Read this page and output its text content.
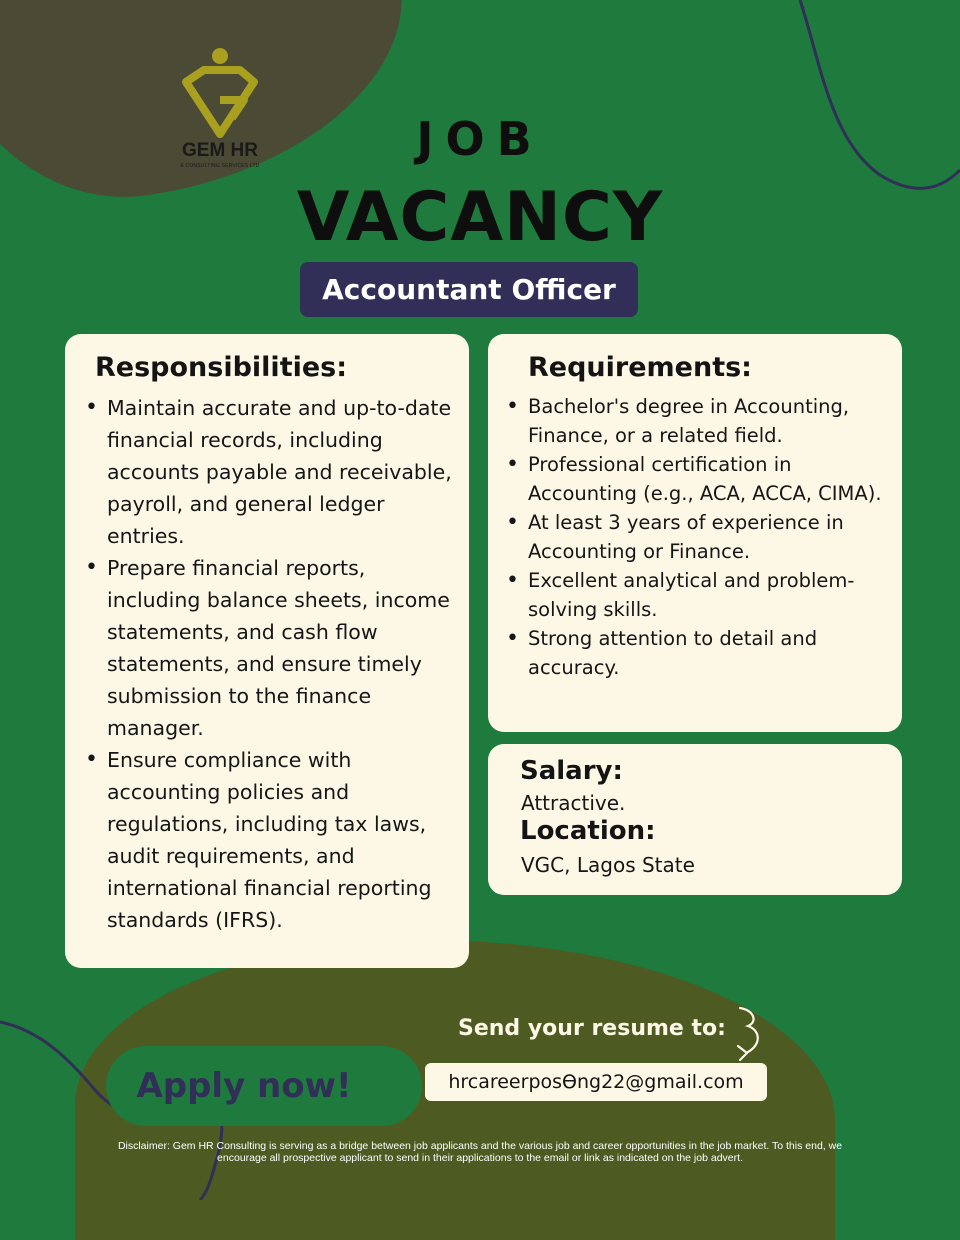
GEM HR
& CONSULTING SERVICES LTD	JOB
VACANCY
Accountant Officer
Responsibilities:
• Maintain accurate and up-to-date financial records, including accounts payable and receivable, payroll, and general ledger entries.
• Prepare financial reports, including balance sheets, income statements, and cash flow statements, and ensure timely submission to the finance manager.
• Ensure compliance with accounting policies and regulations, including tax laws, audit requirements, and international financial reporting standards (IFRS).
Requirements:
• Bachelor's degree in Accounting, Finance, or a related field.
• Professional certification in Accounting (e.g., ACA, ACCA, CIMA).
• At least 3 years of experience in Accounting or Finance.
• Excellent analytical and problem-solving skills.
• Strong attention to detail and accuracy.
Salary:
Attractive.
Location:
VGC, Lagos State
Send your resume to:
hrcareerposϴng22@gmail.com
Apply now!
Disclaimer: Gem HR Consulting is serving as a bridge between job applicants and the various job and career opportunities in the job market. To this end, we encourage all prospective applicant to send in their applications to the email or link as indicated on the job advert.
